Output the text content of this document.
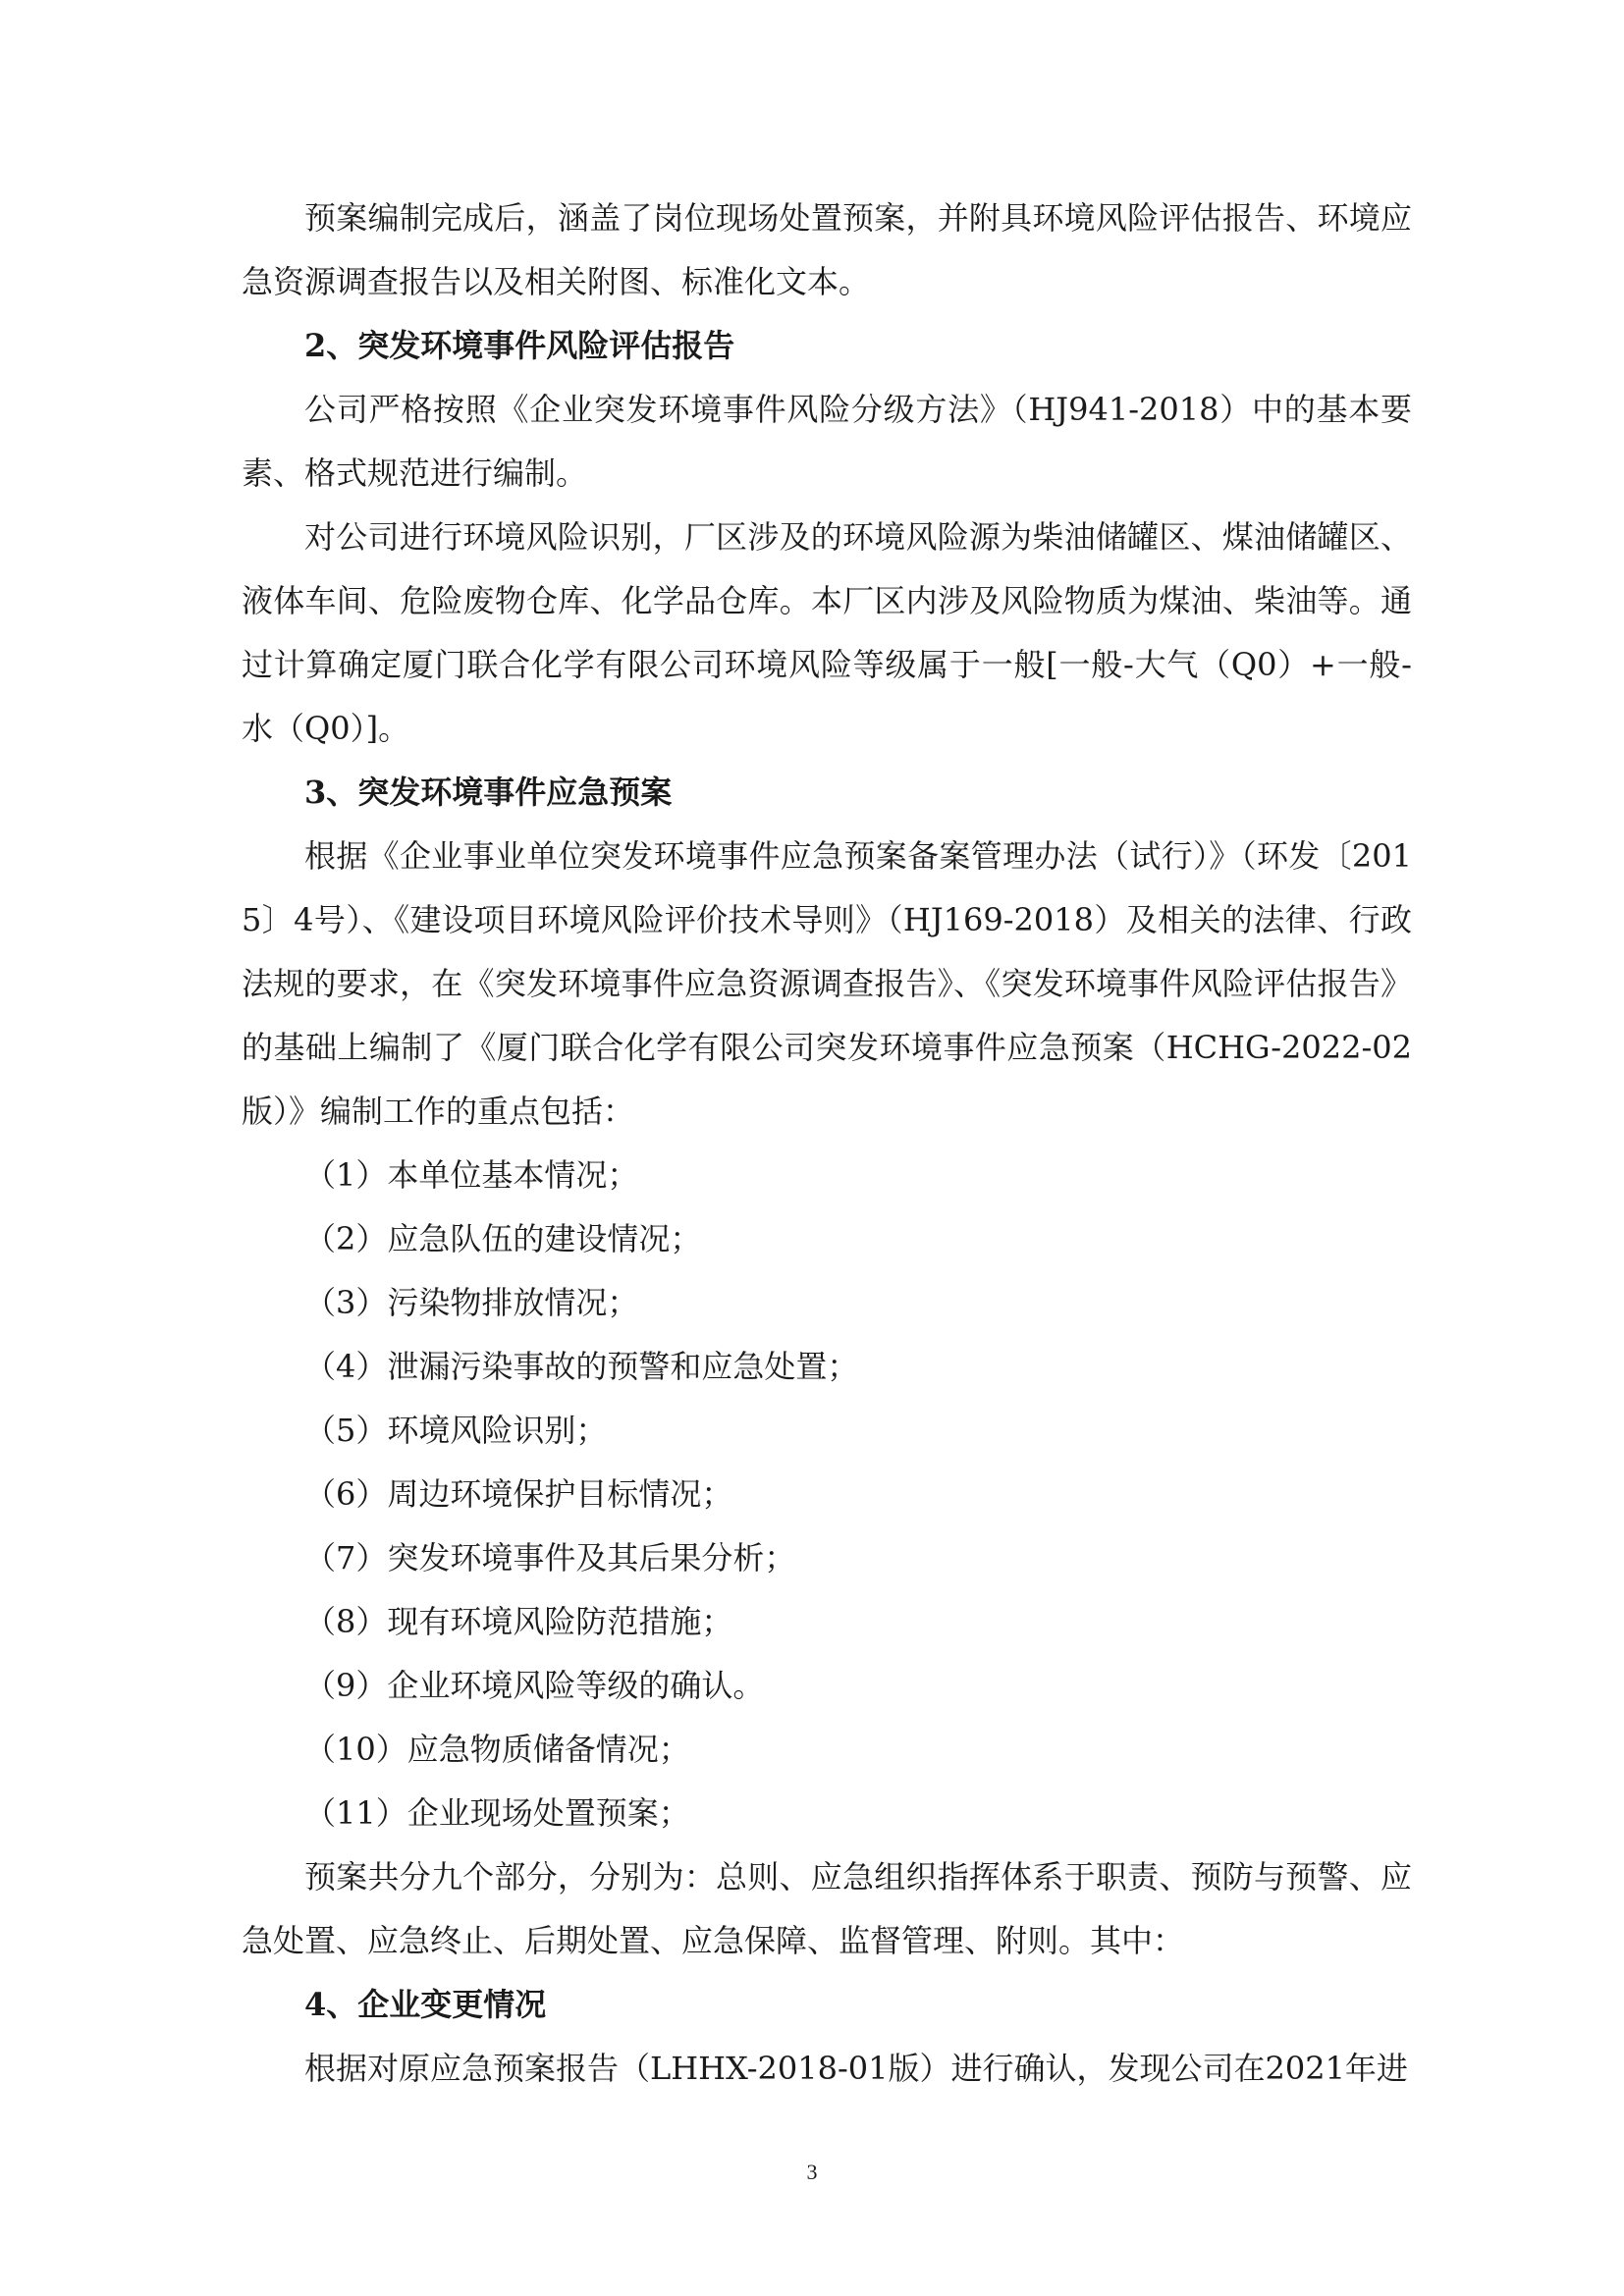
预案编制完成后，涵盖了岗位现场处置预案，并附具环境风险评估报告、环境应急资源调查报告以及相关附图、标准化文本。

2、突发环境事件风险评估报告

公司严格按照《企业突发环境事件风险分级方法》（HJ941-2018）中的基本要素、格式规范进行编制。

对公司进行环境风险识别，厂区涉及的环境风险源为柴油储罐区、煤油储罐区、液体车间、危险废物仓库、化学品仓库。本厂区内涉及风险物质为煤油、柴油等。通过计算确定厦门联合化学有限公司环境风险等级属于一般[一般-大气（Q0）+一般-水（Q0）]。

3、突发环境事件应急预案

根据《企业事业单位突发环境事件应急预案备案管理办法（试行）》（环发〔2015〕4号）、《建设项目环境风险评价技术导则》（HJ169-2018）及相关的法律、行政法规的要求，在《突发环境事件应急资源调查报告》、《突发环境事件风险评估报告》的基础上编制了《厦门联合化学有限公司突发环境事件应急预案（HCHG-2022-02版）》编制工作的重点包括：

（1）本单位基本情况；

（2）应急队伍的建设情况；

（3）污染物排放情况；

（4）泄漏污染事故的预警和应急处置；

（5）环境风险识别；

（6）周边环境保护目标情况；

（7）突发环境事件及其后果分析；

（8）现有环境风险防范措施；

（9）企业环境风险等级的确认。

（10）应急物质储备情况；

（11）企业现场处置预案；

预案共分九个部分，分别为：总则、应急组织指挥体系于职责、预防与预警、应急处置、应急终止、后期处置、应急保障、监督管理、附则。其中：

4、企业变更情况

根据对原应急预案报告（LHHX-2018-01版）进行确认，发现公司在2021年进

3
